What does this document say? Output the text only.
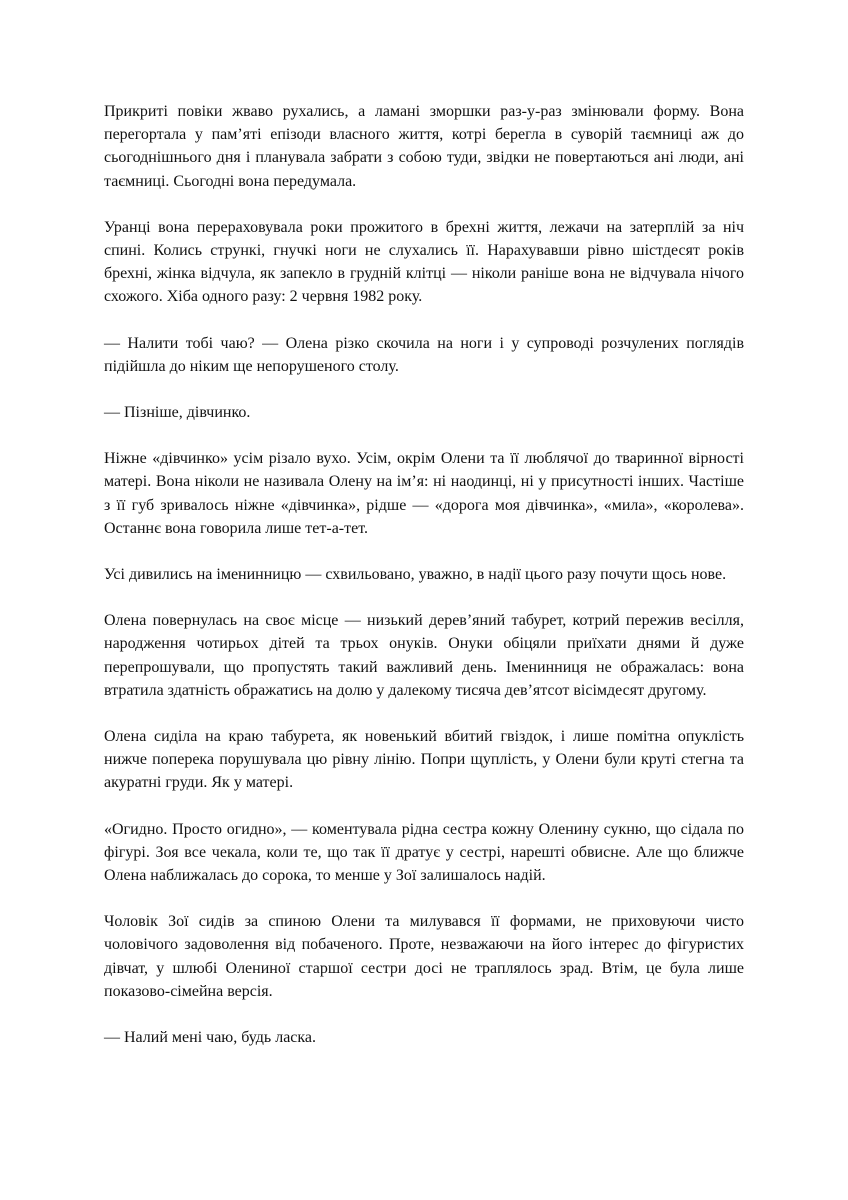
Прикриті повіки жваво рухались, а ламані зморшки раз-у-раз змінювали форму. Вона перегортала у пам’яті епізоди власного життя, котрі берегла в суворій таємниці аж до сьогоднішнього дня і планувала забрати з собою туди, звідки не повертаються ані люди, ані таємниці. Сьогодні вона передумала.

Уранці вона перераховувала роки прожитого в брехні життя, лежачи на затерплій за ніч спині. Колись стрункі, гнучкі ноги не слухались її. Нарахувавши рівно шістдесят років брехні, жінка відчула, як запекло в грудній клітці — ніколи раніше вона не відчувала нічого схожого. Хіба одного разу: 2 червня 1982 року.

— Налити тобі чаю? — Олена різко скочила на ноги і у супроводі розчулених поглядів підійшла до ніким ще непорушеного столу.

— Пізніше, дівчинко.

Ніжне «дівчинко» усім різало вухо. Усім, окрім Олени та її люблячої до тваринної вірності матері. Вона ніколи не називала Олену на ім’я: ні наодинці, ні у присутності інших. Частіше з її губ зривалось ніжне «дівчинка», рідше — «дорога моя дівчинка», «мила», «королева». Останнє вона говорила лише тет-а-тет.

Усі дивились на іменинницю — схвильовано, уважно, в надії цього разу почути щось нове.

Олена повернулась на своє місце — низький дерев’яний табурет, котрий пережив весілля, народження чотирьох дітей та трьох онуків. Онуки обіцяли приїхати днями й дуже перепрошували, що пропустять такий важливий день. Іменинниця не ображалась: вона втратила здатність ображатись на долю у далекому тисяча дев’ятсот вісімдесят другому.

Олена сиділа на краю табурета, як новенький вбитий гвіздок, і лише помітна опуклість нижче поперека порушувала цю рівну лінію. Попри щуплість, у Олени були круті стегна та акуратні груди. Як у матері.

«Огидно. Просто огидно», — коментувала рідна сестра кожну Оленину сукню, що сідала по фігурі. Зоя все чекала, коли те, що так її дратує у сестрі, нарешті обвисне. Але що ближче Олена наближалась до сорока, то менше у Зої залишалось надій.

Чоловік Зої сидів за спиною Олени та милувався її формами, не приховуючи чисто чоловічого задоволення від побаченого. Проте, незважаючи на його інтерес до фігуристих дівчат, у шлюбі Олениної старшої сестри досі не траплялось зрад. Втім, це була лише показово-сімейна версія.

— Налий мені чаю, будь ласка.
